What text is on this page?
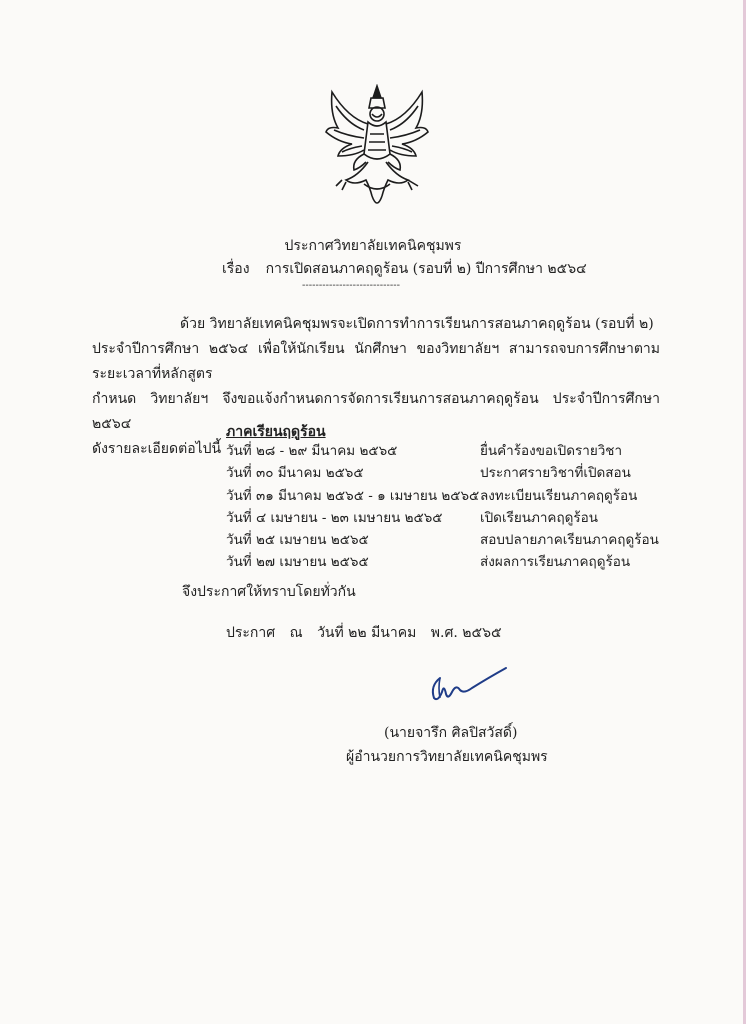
ประกาศวิทยาลัยเทคนิคชุมพร
เรื่อง การเปิดสอนภาคฤดูร้อน (รอบที่ ๒) ปีการศึกษา ๒๕๖๔
-----------------------------

ด้วย วิทยาลัยเทคนิคชุมพรจะเปิดการทำการเรียนการสอนภาคฤดูร้อน (รอบที่ ๒)

ประจำปีการศึกษา ๒๕๖๔ เพื่อให้นักเรียน นักศึกษา ของวิทยาลัยฯ สามารถจบการศึกษาตามระยะเวลาที่หลักสูตร

กำหนด วิทยาลัยฯ จึงขอแจ้งกำหนดการจัดการเรียนการสอนภาคฤดูร้อน ประจำปีการศึกษา ๒๕๖๔

ดังรายละเอียดต่อไปนี้

ภาคเรียนฤดูร้อน
วันที่ ๒๘ - ๒๙ มีนาคม ๒๕๖๕	ยื่นคำร้องขอเปิดรายวิชา
วันที่ ๓๐ มีนาคม ๒๕๖๕	ประกาศรายวิชาที่เปิดสอน
วันที่ ๓๑ มีนาคม ๒๕๖๕ - ๑ เมษายน ๒๕๖๕ ลงทะเบียนเรียนภาคฤดูร้อน
วันที่ ๔ เมษายน - ๒๓ เมษายน ๒๕๖๕	เปิดเรียนภาคฤดูร้อน
วันที่ ๒๕ เมษายน ๒๕๖๕	สอบปลายภาคเรียนภาคฤดูร้อน
วันที่ ๒๗ เมษายน ๒๕๖๕	ส่งผลการเรียนภาคฤดูร้อน
จึงประกาศให้ทราบโดยทั่วกัน
ประกาศ ณ วันที่ ๒๒ มีนาคม พ.ศ. ๒๕๖๕
(นายจารึก ศิลปิสวัสดิ์)
ผู้อำนวยการวิทยาลัยเทคนิคชุมพร
